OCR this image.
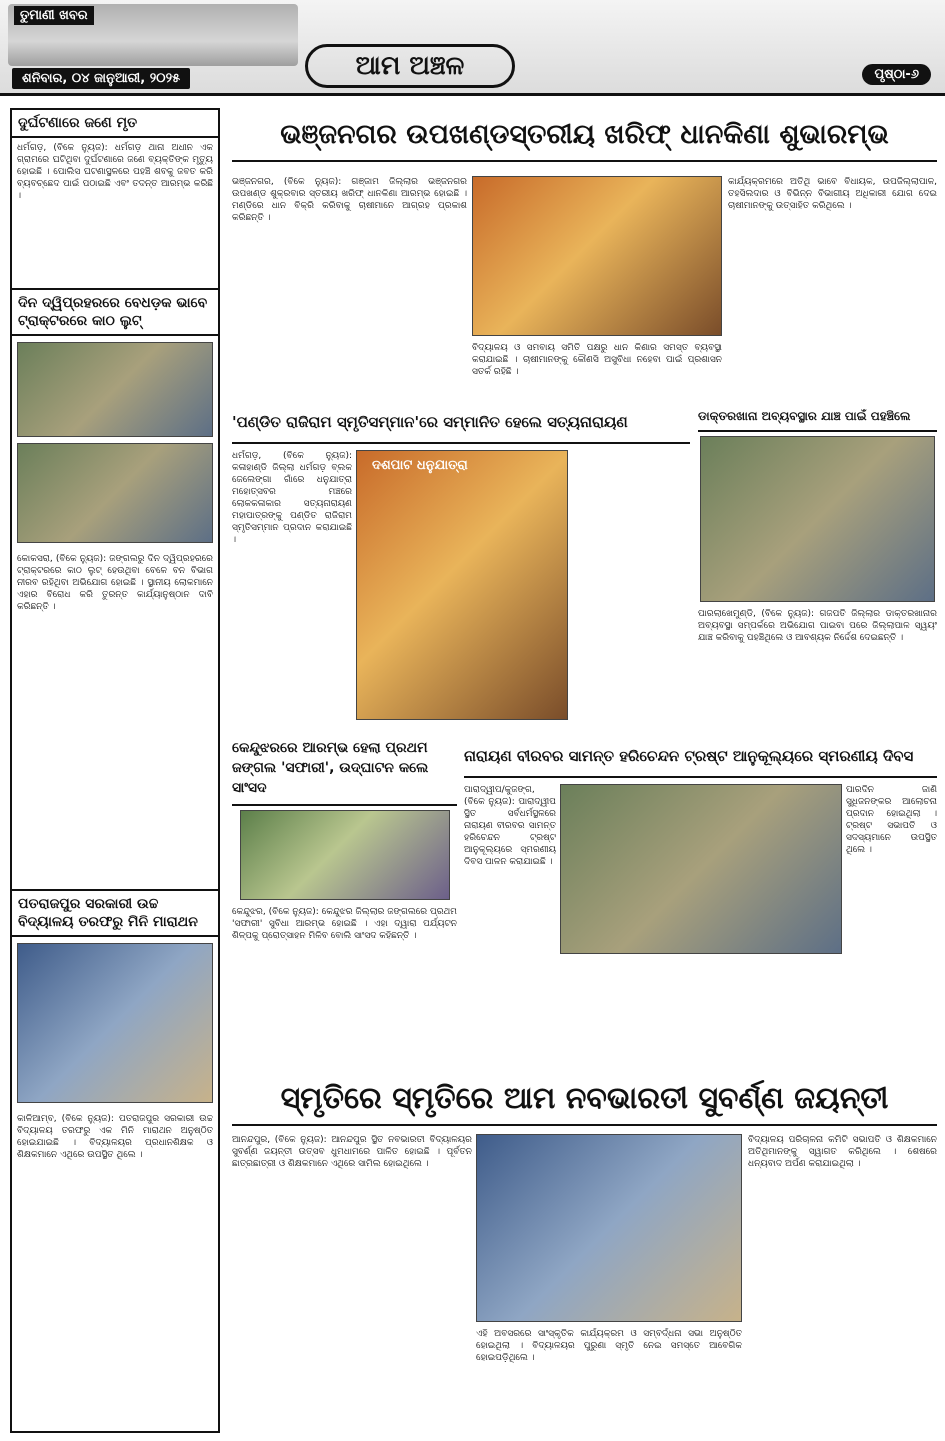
ତୁମାଣୀ ଖବର
ଶନିବାର, ୦୪ ଜାନୁଆରୀ, ୨୦୨୫	ଆମ ଅଞ୍ଚଳ	ପୃଷ୍ଠା-୬
ଦୁର୍ଘଟଣାରେ ଜଣେ ମୃତ
ଧର୍ମଗଡ଼, (ବିକେ ନ୍ୟୁଜ): ଧର୍ମଗଡ଼ ଥାନା ଅଧୀନ ଏକ ଗ୍ରାମରେ ଘଟିଥିବା ଦୁର୍ଘଟଣାରେ ଜଣେ ବ୍ୟକ୍ତିଙ୍କ ମୃତ୍ୟୁ ହୋଇଛି । ପୋଲିସ ଘଟଣାସ୍ଥଳରେ ପହଞ୍ଚି ଶବକୁ ଜବତ କରି ବ୍ୟବଚ୍ଛେଦ ପାଇଁ ପଠାଇଛି ଏବଂ ତଦନ୍ତ ଆରମ୍ଭ କରିଛି ।
ଦିନ ଦ୍ୱିପ୍ରହରରେ ବେଧଡ଼କ ଭାବେ ଟ୍ରାକ୍ଟରରେ କାଠ ଲୁଟ୍
କୋକସରା, (ବିକେ ନ୍ୟୁଜ): ଜଙ୍ଗଲରୁ ଦିନ ଦ୍ୱିପ୍ରହରରେ ଟ୍ରାକ୍ଟରରେ କାଠ ଲୁଟ୍ ହେଉଥିବା ବେଳେ ବନ ବିଭାଗ ନୀରବ ରହିଥିବା ଅଭିଯୋଗ ହୋଇଛି । ସ୍ଥାନୀୟ ଲୋକମାନେ ଏହାର ବିରୋଧ କରି ତୁରନ୍ତ କାର୍ଯ୍ୟାନୁଷ୍ଠାନ ଦାବି କରିଛନ୍ତି ।
ପତରାଜପୁର ସରକାରୀ ଉଚ୍ଚ ବିଦ୍ୟାଳୟ ତରଫରୁ ମିନି ମାରାଥନ
କାଳିଆମ୍ବ, (ବିକେ ନ୍ୟୁଜ): ପତରାଜପୁର ସରକାରୀ ଉଚ୍ଚ ବିଦ୍ୟାଳୟ ତରଫରୁ ଏକ ମିନି ମାରାଥନ ଅନୁଷ୍ଠିତ ହୋଇଯାଇଛି । ବିଦ୍ୟାଳୟର ପ୍ରଧାନଶିକ୍ଷକ ଓ ଶିକ୍ଷକମାନେ ଏଥିରେ ଉପସ୍ଥିତ ଥିଲେ ।
ଭଞ୍ଜନଗର ଉପଖଣ୍ଡସ୍ତରୀୟ ଖରିଫ୍ ଧାନକିଣା ଶୁଭାରମ୍ଭ
ଭଞ୍ଜନଗର, (ବିକେ ନ୍ୟୁଜ): ଗଞ୍ଜାମ ଜିଲ୍ଲାର ଭଞ୍ଜନଗର ଉପଖଣ୍ଡ ଶୁକ୍ରବାର ସ୍ତରୀୟ ଖରିଫ୍ ଧାନକିଣା ଆରମ୍ଭ ହୋଇଛି । ମଣ୍ଡିରେ ଧାନ ବିକ୍ରି କରିବାକୁ ଚାଷୀମାନେ ଆଗ୍ରହ ପ୍ରକାଶ କରିଛନ୍ତି ।
ବିଦ୍ୟାଳୟ ଓ ସମବାୟ ସମିତି ପକ୍ଷରୁ ଧାନ କିଣାର ସମସ୍ତ ବ୍ୟବସ୍ଥା କରାଯାଇଛି । ଚାଷୀମାନଙ୍କୁ କୌଣସି ଅସୁବିଧା ନହେବା ପାଇଁ ପ୍ରଶାସନ ସତର୍କ ରହିଛି ।
କାର୍ଯ୍ୟକ୍ରମରେ ଅତିଥି ଭାବେ ବିଧାୟକ, ଉପଜିଲ୍ଲାପାଳ, ତହସିଲଦାର ଓ ବିଭିନ୍ନ ବିଭାଗୀୟ ଅଧିକାରୀ ଯୋଗ ଦେଇ ଚାଷୀମାନଙ୍କୁ ଉତ୍ସାହିତ କରିଥିଲେ ।
'ପଣ୍ଡିତ ରାଜିରାମ ସ୍ମୃତିସମ୍ମାନ'ରେ ସମ୍ମାନିତ ହେଲେ ସତ୍ୟନାରାୟଣ
ଧର୍ମଗଡ଼, (ବିକେ ନ୍ୟୁଜ): କଳାହାଣ୍ଡି ଜିଲ୍ଲା ଧର୍ମଗଡ଼ ବ୍ଲକ ଜେଲେଙ୍ଗା ଗାଁରେ ଧନୁଯାତ୍ରା ମହୋତ୍ସବର ମଞ୍ଚରେ ଲୋକକଳାକାର ସତ୍ୟନାରାୟଣ ମହାପାତ୍ରଙ୍କୁ ପଣ୍ଡିତ ରାଜିରାମ ସ୍ମୃତିସମ୍ମାନ ପ୍ରଦାନ କରାଯାଇଛି ।
ଦଶପାଟ ଧନୁଯାତ୍ରା
ଡାକ୍ତରଖାନା ଅବ୍ୟବସ୍ଥାର ଯାଞ୍ଚ ପାଇଁ ପହଞ୍ଚିଲେ
ପାରଲାଖେମୁଣ୍ଡି, (ବିକେ ନ୍ୟୁଜ): ଗଜପତି ଜିଲ୍ଲାର ଡାକ୍ତରଖାନାର ଅବ୍ୟବସ୍ଥା ସମ୍ପର୍କରେ ଅଭିଯୋଗ ପାଇବା ପରେ ଜିଲ୍ଲାପାଳ ସ୍ୱୟଂ ଯାଞ୍ଚ କରିବାକୁ ପହଞ୍ଚିଥିଲେ ଓ ଆବଶ୍ୟକ ନିର୍ଦ୍ଦେଶ ଦେଇଛନ୍ତି ।
କେନ୍ଦୁଝରରେ ଆରମ୍ଭ ହେଲା ପ୍ରଥମ ଜଙ୍ଗଲ 'ସଫାରୀ', ଉଦ୍‌ଘାଟନ କଲେ ସାଂସଦ
କେନ୍ଦୁଝର, (ବିକେ ନ୍ୟୁଜ): କେନ୍ଦୁଝର ଜିଲ୍ଲାର ଜଙ୍ଗଲରେ ପ୍ରଥମ 'ସଫାରୀ' ସୁବିଧା ଆରମ୍ଭ ହୋଇଛି । ଏହା ଦ୍ୱାରା ପର୍ଯ୍ୟଟନ ଶିଳ୍ପକୁ ପ୍ରୋତ୍ସାହନ ମିଳିବ ବୋଲି ସାଂସଦ କହିଛନ୍ତି ।
ନାରାୟଣ ବୀରବର ସାମନ୍ତ ହରିଚେନ୍ଦନ ଟ୍ରଷ୍ଟ ଆନୁକୂଲ୍ୟରେ ସ୍ମରଣୀୟ ଦିବସ
ପାରାଦ୍ୱୀପ/କୁଜଙ୍ଗ, (ବିକେ ନ୍ୟୁଜ): ପାରାଦ୍ୱୀପ ସ୍ଥିତ ସର୍ବଧର୍ମସ୍ଥଳରେ ନାରାୟଣ ବୀରବର ସାମନ୍ତ ହରିଚେନ୍ଦନ ଟ୍ରଷ୍ଟ ଆନୁକୂଲ୍ୟରେ ସ୍ମରଣୀୟ ଦିବସ ପାଳନ କରାଯାଇଛି ।
ପାରଦିନ ଜାଣି ସୁଧିଜନଙ୍କର ଆଲୋଚନା ପ୍ରଦାନ ହୋଇଥିଲା । ଟ୍ରଷ୍ଟ ସଭାପତି ଓ ସଦସ୍ୟମାନେ ଉପସ୍ଥିତ ଥିଲେ ।
ସ୍ମୃତିରେ ସ୍ମୃତିରେ ଆମ ନବଭାରତୀ ସୁବର୍ଣ୍ଣ ଜୟନ୍ତୀ
ଆନନ୍ଦପୁର, (ବିକେ ନ୍ୟୁଜ): ଆନନ୍ଦପୁର ସ୍ଥିତ ନବଭାରତୀ ବିଦ୍ୟାଳୟର ସୁବର୍ଣ୍ଣ ଜୟନ୍ତୀ ଉତ୍ସବ ଧୁମଧାମରେ ପାଳିତ ହୋଇଛି । ପୂର୍ବତନ ଛାତ୍ରଛାତ୍ରୀ ଓ ଶିକ୍ଷକମାନେ ଏଥିରେ ସାମିଲ ହୋଇଥିଲେ ।
ଏହି ଅବସରରେ ସାଂସ୍କୃତିକ କାର୍ଯ୍ୟକ୍ରମ ଓ ସମ୍ବର୍ଦ୍ଧନା ସଭା ଅନୁଷ୍ଠିତ ହୋଇଥିଲା । ବିଦ୍ୟାଳୟର ପୁରୁଣା ସ୍ମୃତି ନେଇ ସମସ୍ତେ ଆବେଗିକ ହୋଇପଡ଼ିଥିଲେ ।
ବିଦ୍ୟାଳୟ ପରିଚାଳନା କମିଟି ସଭାପତି ଓ ଶିକ୍ଷକମାନେ ଅତିଥିମାନଙ୍କୁ ସ୍ୱାଗତ କରିଥିଲେ । ଶେଷରେ ଧନ୍ୟବାଦ ଅର୍ପଣ କରାଯାଇଥିଲା ।
